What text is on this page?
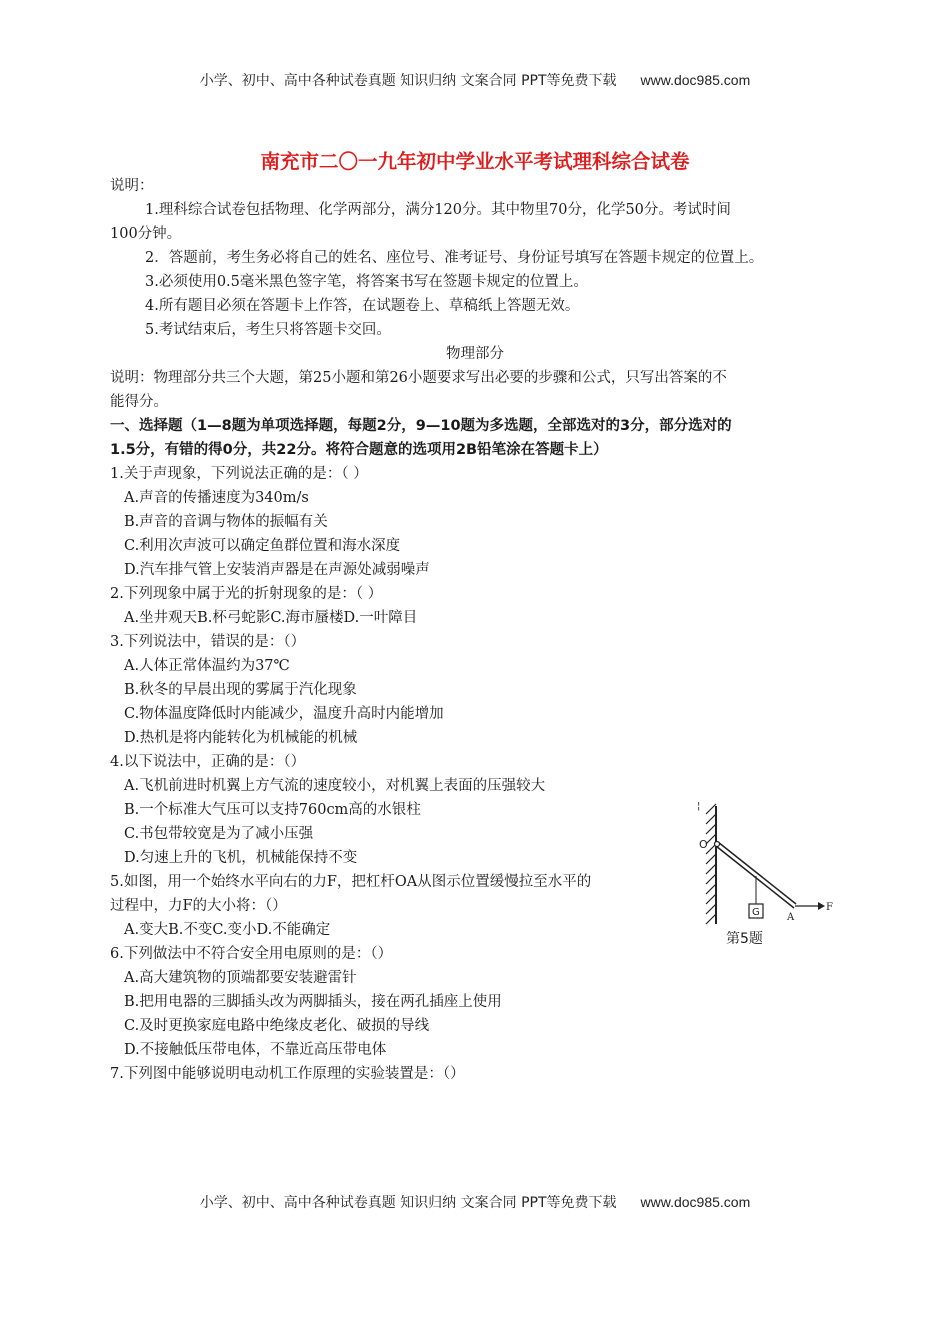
小学、初中、高中各种试卷真题 知识归纳 文案合同 PPT等免费下载 www.doc985.com
南充市二〇一九年初中学业水平考试理科综合试卷
说明：
1.理科综合试卷包括物理、化学两部分，满分120分。其中物里70分，化学50分。考试时间
100分钟。
2．答题前，考生务必将自己的姓名、座位号、准考证号、身份证号填写在答题卡规定的位置上。
3.必须使用0.5毫米黑色签字笔，将答案书写在签题卡规定的位置上。
4.所有题目必须在答题卡上作答，在试题卷上、草稿纸上答题无效。
5.考试结束后，考生只将答题卡交回。
物理部分
说明：物理部分共三个大题，第25小题和第26小题要求写出必要的步骤和公式，只写出答案的不
能得分。
一、选择题（1—8题为单项选择题，每题2分，9—10题为多选题，全部选对的3分，部分选对的
1.5分，有错的得0分，共22分。将符合题意的选项用2B铅笔涂在答题卡上）
1.关于声现象，下列说法正确的是：（ ）
A.声音的传播速度为340m/s
B.声音的音调与物体的振幅有关
C.利用次声波可以确定鱼群位置和海水深度
D.汽车排气管上安装消声器是在声源处减弱噪声
2.下列现象中属于光的折射现象的是：（ ）
A.坐井观天B.杯弓蛇影C.海市蜃楼D.一叶障目
3.下列说法中，错误的是：（）
A.人体正常体温约为37℃
B.秋冬的早晨出现的雾属于汽化现象
C.物体温度降低时内能减少，温度升高时内能增加
D.热机是将内能转化为机械能的机械
4.以下说法中，正确的是：（）
A.飞机前进时机翼上方气流的速度较小，对机翼上表面的压强较大
B.一个标准大气压可以支持760cm高的水银柱
C.书包带较宽是为了减小压强
D.匀速上升的飞机，机械能保持不变
5.如图，用一个始终水平向右的力F，把杠杆OA从图示位置缓慢拉至水平的
过程中，力F的大小将：（）
A.变大B.不变C.变小D.不能确定
¦
O
G	A
F
第5题
6.下列做法中不符合安全用电原则的是：（）
A.高大建筑物的顶端都要安装避雷针
B.把用电器的三脚插头改为两脚插头，接在两孔插座上使用
C.及时更换家庭电路中绝缘皮老化、破损的导线
D.不接触低压带电体，不靠近高压带电体
7.下列图中能够说明电动机工作原理的实验装置是：（）
小学、初中、高中各种试卷真题 知识归纳 文案合同 PPT等免费下载 www.doc985.com
